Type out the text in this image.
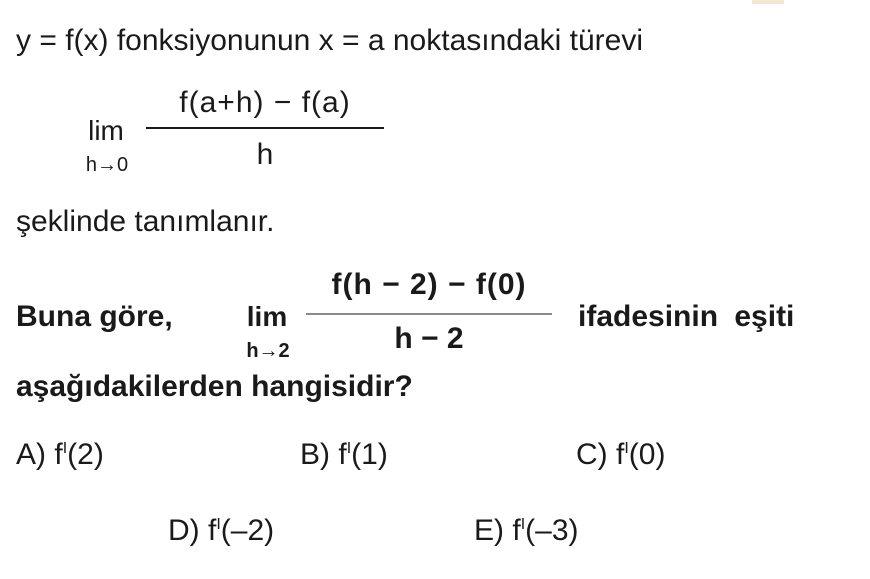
y = f(x) fonksiyonunun x = a noktasındaki türevi
lim
h→0
f(a+h) − f(a)
h
şeklinde tanımlanır.
Buna göre,	lim
h→2
f(h − 2) − f(0)
h − 2
ifadesinin eşiti
aşağıdakilerden hangisidir?
A) $f^I(2)$	B) $f^I(1)$	C) $f^I(0)$
D) $f^I(-2)$	E) $f^I(-3)$
